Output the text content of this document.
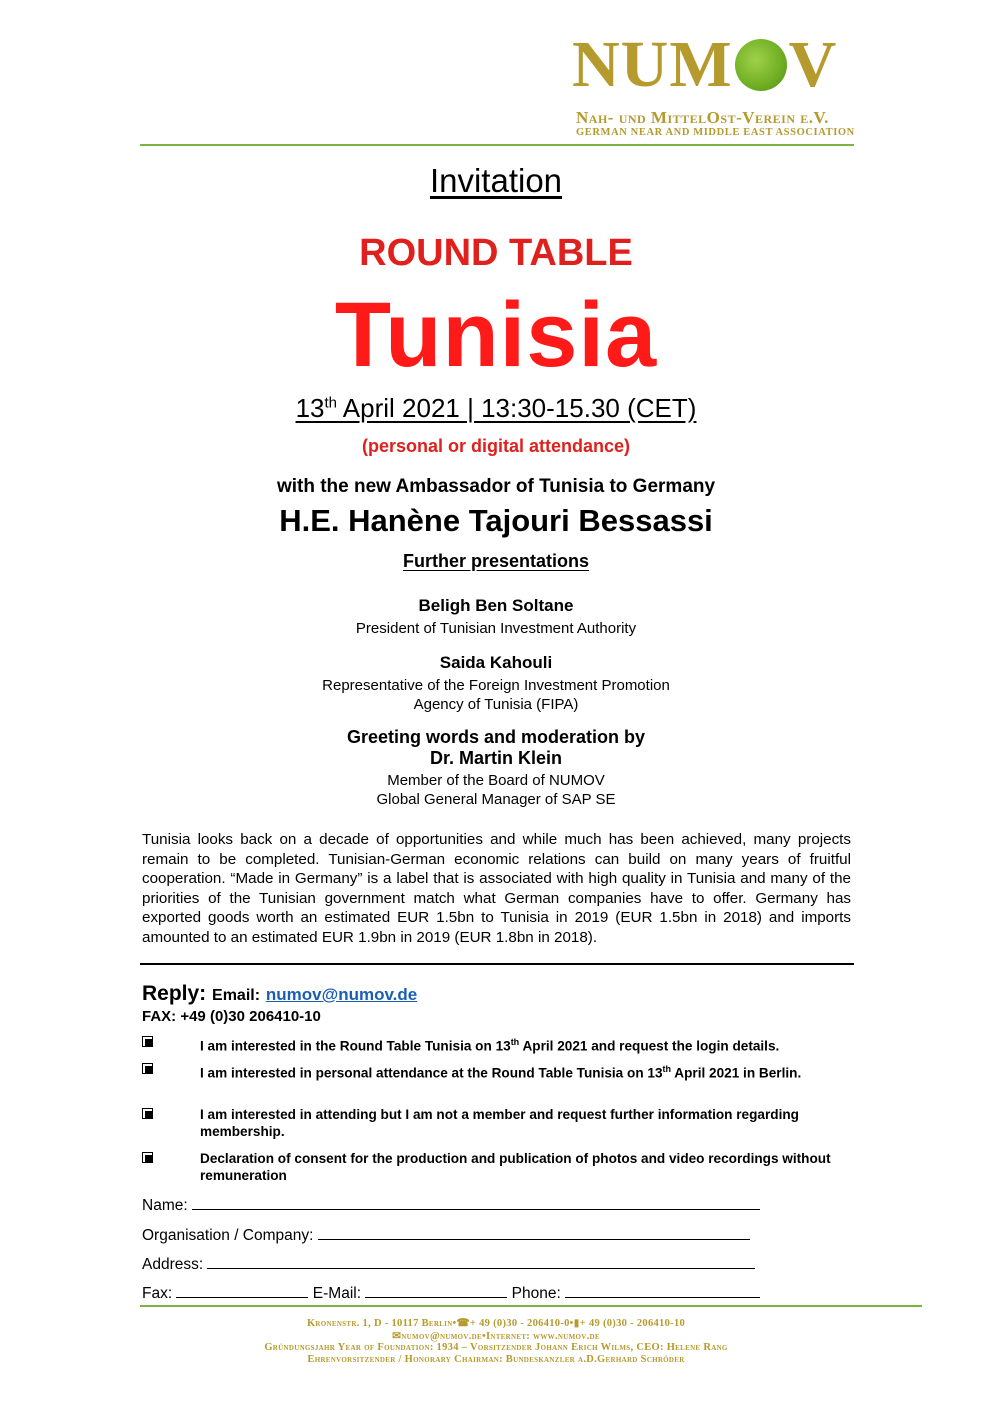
NUM V
Nah- und MittelOst-Verein e.V.
GERMAN NEAR AND MIDDLE EAST ASSOCIATION
Invitation
ROUND TABLE
Tunisia
13th April 2021 | 13:30-15.30 (CET)
(personal or digital attendance)
with the new Ambassador of Tunisia to Germany
H.E. Hanène Tajouri Bessassi
Further presentations
Beligh Ben Soltane
President of Tunisian Investment Authority
Saida Kahouli
Representative of the Foreign Investment Promotion
Agency of Tunisia (FIPA)
Greeting words and moderation by
Dr. Martin Klein
Member of the Board of NUMOV
Global General Manager of SAP SE
Tunisia looks back on a decade of opportunities and while much has been achieved, many projects remain to be completed. Tunisian-German economic relations can build on many years of fruitful cooperation. “Made in Germany” is a label that is associated with high quality in Tunisia and many of the priorities of the Tunisian government match what German companies have to offer. Germany has exported goods worth an estimated EUR 1.5bn to Tunisia in 2019 (EUR 1.5bn in 2018) and imports amounted to an estimated EUR 1.9bn in 2019 (EUR 1.8bn in 2018).
Reply: Email: numov@numov.de
FAX: +49 (0)30 206410-10
I am interested in the Round Table Tunisia on 13th April 2021 and request the login details.
I am interested in personal attendance at the Round Table Tunisia on 13th April 2021 in Berlin.
I am interested in attending but I am not a member and request further information regarding membership.
Declaration of consent for the production and publication of photos and video recordings without remuneration
Name:
Organisation / Company:
Address:
Fax:	E-Mail:	Phone:
Kronenstr. 1, D - 10117 Berlin•☎+ 49 (0)30 - 206410-0•▮+ 49 (0)30 - 206410-10
✉numov@numov.de•Internet: www.numov.de
Gründungsjahr Year of Foundation: 1934 – Vorsitzender Johann Erich Wilms, CEO: Helene Rang
Ehrenvorsitzender / Honorary Chairman: Bundeskanzler a.D.Gerhard Schröder
